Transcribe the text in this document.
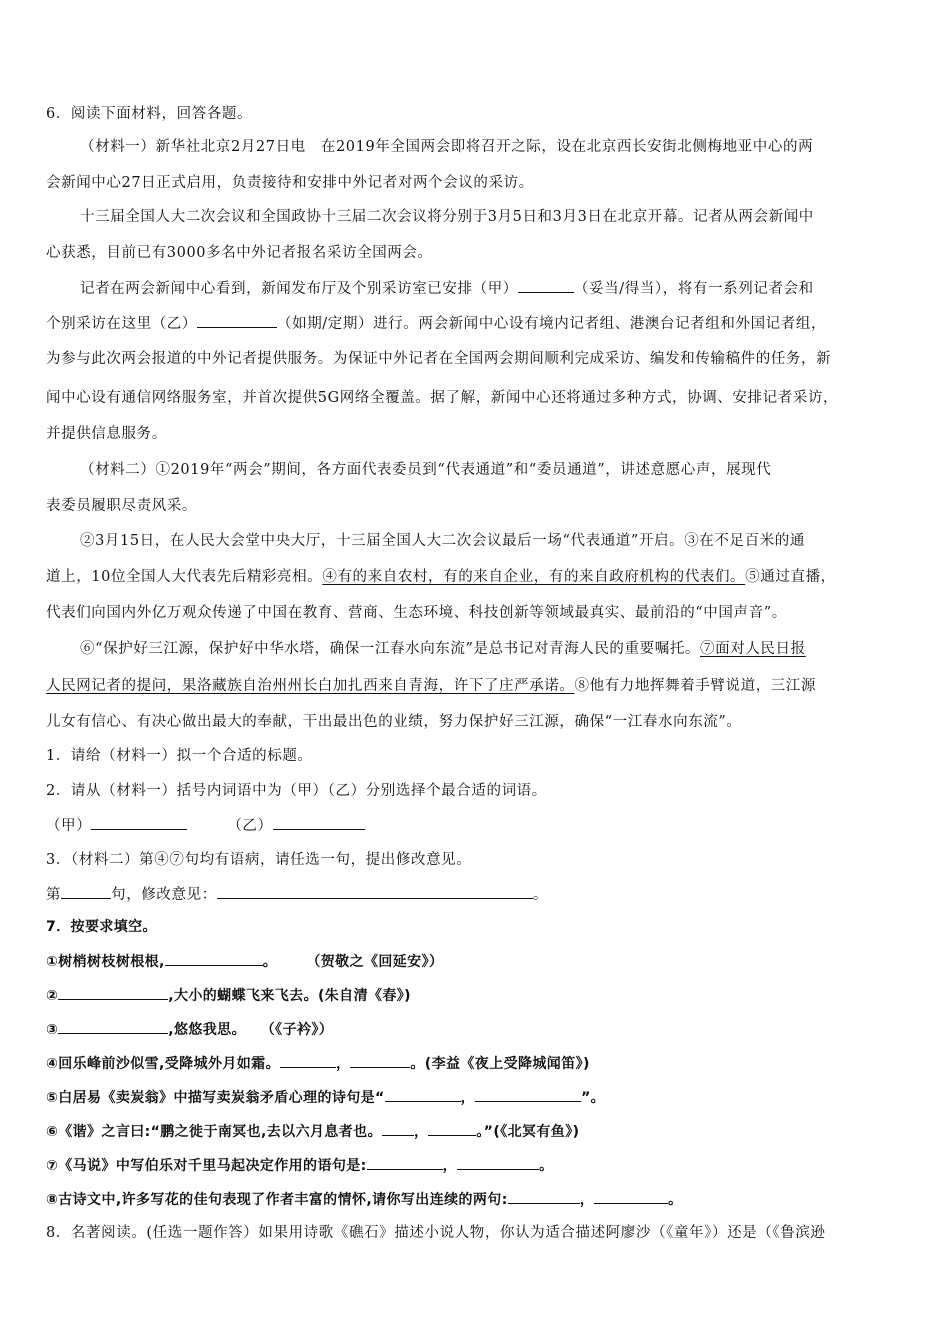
6．阅读下面材料，回答各题。
（材料一）新华社北京2月27日电　在2019年全国两会即将召开之际，设在北京西长安街北侧梅地亚中心的两
会新闻中心27日正式启用，负责接待和安排中外记者对两个会议的采访。
十三届全国人大二次会议和全国政协十三届二次会议将分别于3月5日和3月3日在北京开幕。记者从两会新闻中
心获悉，目前已有3000多名中外记者报名采访全国两会。
记者在两会新闻中心看到，新闻发布厅及个别采访室已安排（甲）	（妥当/得当），将有一系列记者会和
个别采访在这里（乙）	（如期/定期）进行。两会新闻中心设有境内记者组、港澳台记者组和外国记者组，
为参与此次两会报道的中外记者提供服务。为保证中外记者在全国两会期间顺利完成采访、编发和传输稿件的任务，新
闻中心设有通信网络服务室，并首次提供5G网络全覆盖。据了解，新闻中心还将通过多种方式，协调、安排记者采访，
并提供信息服务。
（材料二）①2019年“两会”期间，各方面代表委员到“代表通道”和“委员通道”，讲述意愿心声，展现代
表委员履职尽责风采。
②3月15日，在人民大会堂中央大厅，十三届全国人大二次会议最后一场“代表通道”开启。③在不足百米的通
道上，10位全国人大代表先后精彩亮相。④有的来自农村，有的来自企业，有的来自政府机构的代表们。⑤通过直播，
代表们向国内外亿万观众传递了中国在教育、营商、生态环境、科技创新等领域最真实、最前沿的“中国声音”。
⑥“保护好三江源，保护好中华水塔，确保一江春水向东流”是总书记对青海人民的重要嘱托。⑦面对人民日报
人民网记者的提问，果洛藏族自治州州长白加扎西来自青海，许下了庄严承诺。⑧他有力地挥舞着手臂说道，三江源
儿女有信心、有决心做出最大的奉献，干出最出色的业绩，努力保护好三江源，确保“一江春水向东流”。
1．请给（材料一）拟一个合适的标题。
2．请从（材料一）括号内词语中为（甲）（乙）分别选择个最合适的词语。
（甲）	（乙）
3．（材料二）第④⑦句均有语病，请任选一句，提出修改意见。
第	句，修改意见：	。
7．按要求填空。
①树梢树枝树根根,	。　　　（贺敬之《回延安》）
②	,大小的蝴蝶飞来飞去。(朱自清《春》)
③	,悠悠我思。　　（《子衿》）
④回乐峰前沙似雪,受降城外月如霜。	，	。(李益《夜上受降城闻笛》)
⑤白居易《卖炭翁》中描写卖炭翁矛盾心理的诗句是“	，	”。
⑥《谐》之言曰:“鹏之徙于南冥也,去以六月息者也。 ，	。”(《北冥有鱼》)
⑦《马说》中写伯乐对千里马起决定作用的语句是:	，	。
⑧古诗文中,许多写花的佳句表现了作者丰富的情怀,请你写出连续的两句:	，	。
8．名著阅读。(任选一题作答）如果用诗歌《礁石》描述小说人物，你认为适合描述阿廖沙（《童年》）还是（《鲁滨逊
